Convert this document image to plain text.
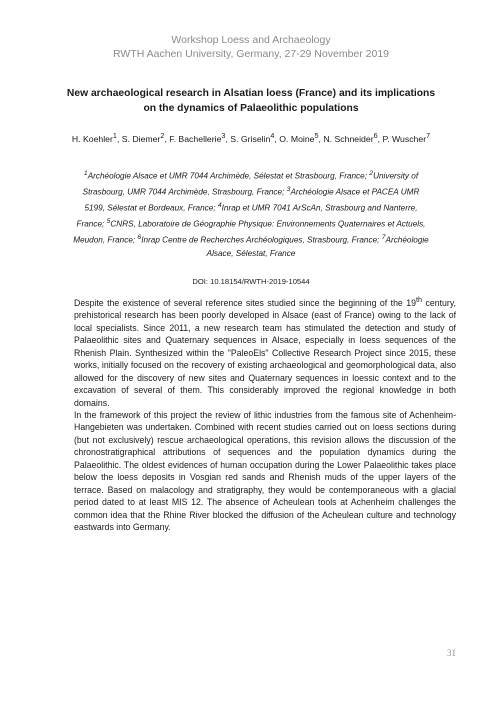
Workshop Loess and Archaeology
RWTH Aachen University, Germany, 27-29 November 2019
New archaeological research in Alsatian loess (France) and its implications on the dynamics of Palaeolithic populations
H. Koehler$^1$, S. Diemer$^2$, F. Bachellerie$^3$, S. Griselin$^4$, O. Moine$^5$, N. Schneider$^6$, P. Wuscher$^7$
$^1$Archéologie Alsace et UMR 7044 Archimède, Sélestat et Strasbourg, France; $^2$University of Strasbourg, UMR 7044 Archimède, Strasbourg, France; $^3$Archéologie Alsace et PACEA UMR 5199, Sélestat et Bordeaux, France; $^4$Inrap et UMR 7041 ArScAn, Strasbourg and Nanterre, France; $^5$CNRS, Laboratoire de Géographie Physique: Environnements Quaternaires et Actuels, Meudon, France; $^6$Inrap Centre de Recherches Archéologiques, Strasbourg, France; $^7$Archéologie Alsace, Sélestat, France
DOI: 10.18154/RWTH-2019-10544

Despite the existence of several reference sites studied since the beginning of the 19th century, prehistorical research has been poorly developed in Alsace (east of France) owing to the lack of local specialists. Since 2011, a new research team has stimulated the detection and study of Palaeolithic sites and Quaternary sequences in Alsace, especially in loess sequences of the Rhenish Plain. Synthesized within the "PaleoEls" Collective Research Project since 2015, these works, initially focused on the recovery of existing archaeological and geomorphological data, also allowed for the discovery of new sites and Quaternary sequences in loessic context and to the excavation of several of them. This considerably improved the regional knowledge in both domains.

In the framework of this project the review of lithic industries from the famous site of Achenheim-Hangebieten was undertaken. Combined with recent studies carried out on loess sections during (but not exclusively) rescue archaeological operations, this revision allows the discussion of the chronostratigraphical attributions of sequences and the population dynamics during the Palaeolithic. The oldest evidences of human occupation during the Lower Palaeolithic takes place below the loess deposits in Vosgian red sands and Rhenish muds of the upper layers of the terrace. Based on malacology and stratigraphy, they would be contemporaneous with a glacial period dated to at least MIS 12. The absence of Acheulean tools at Achenheim challenges the common idea that the Rhine River blocked the diffusion of the Acheulean culture and technology eastwards into Germany.

31
